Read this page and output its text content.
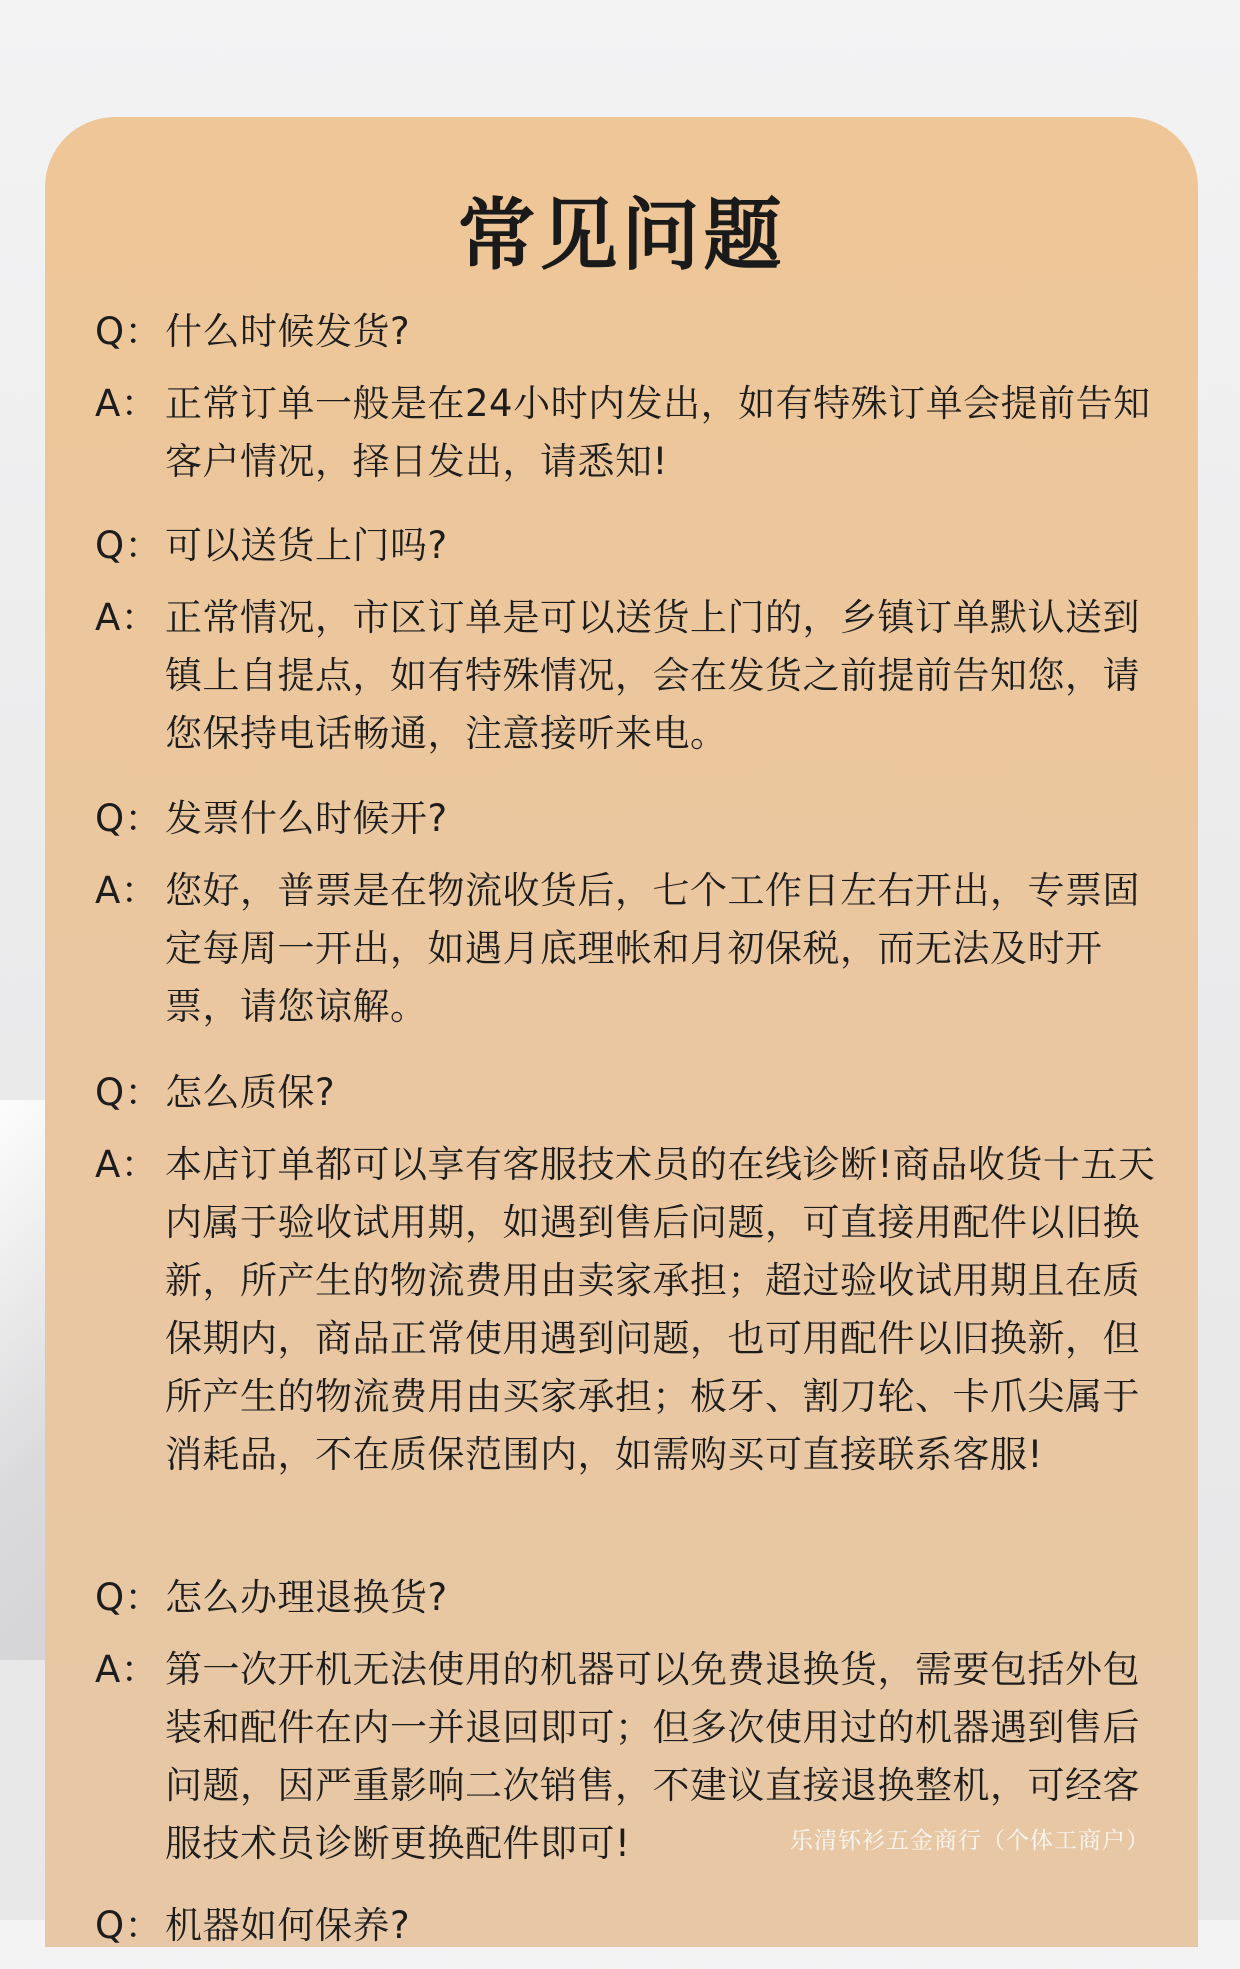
常见问题
Q： 什么时候发货?
A： 正常订单一般是在24小时内发出，如有特殊订单会提前告知客户情况，择日发出，请悉知!
Q： 可以送货上门吗?
A： 正常情况，市区订单是可以送货上门的，乡镇订单默认送到镇上自提点，如有特殊情况，会在发货之前提前告知您，请您保持电话畅通，注意接听来电。
Q： 发票什么时候开?
A： 您好，普票是在物流收货后，七个工作日左右开出，专票固定每周一开出，如遇月底理帐和月初保税，而无法及时开票，请您谅解。
Q： 怎么质保?
A： 本店订单都可以享有客服技术员的在线诊断!商品收货十五天内属于验收试用期，如遇到售后问题，可直接用配件以旧换新，所产生的物流费用由卖家承担；超过验收试用期且在质保期内，商品正常使用遇到问题，也可用配件以旧换新，但所产生的物流费用由买家承担；板牙、割刀轮、卡爪尖属于消耗品，不在质保范围内，如需购买可直接联系客服!
Q： 怎么办理退换货?
A： 第一次开机无法使用的机器可以免费退换货，需要包括外包装和配件在内一并退回即可；但多次使用过的机器遇到售后问题，因严重影响二次销售，不建议直接退换整机，可经客服技术员诊断更换配件即可!
Q： 机器如何保养?
乐清钚衫五金商行（个体工商户）
